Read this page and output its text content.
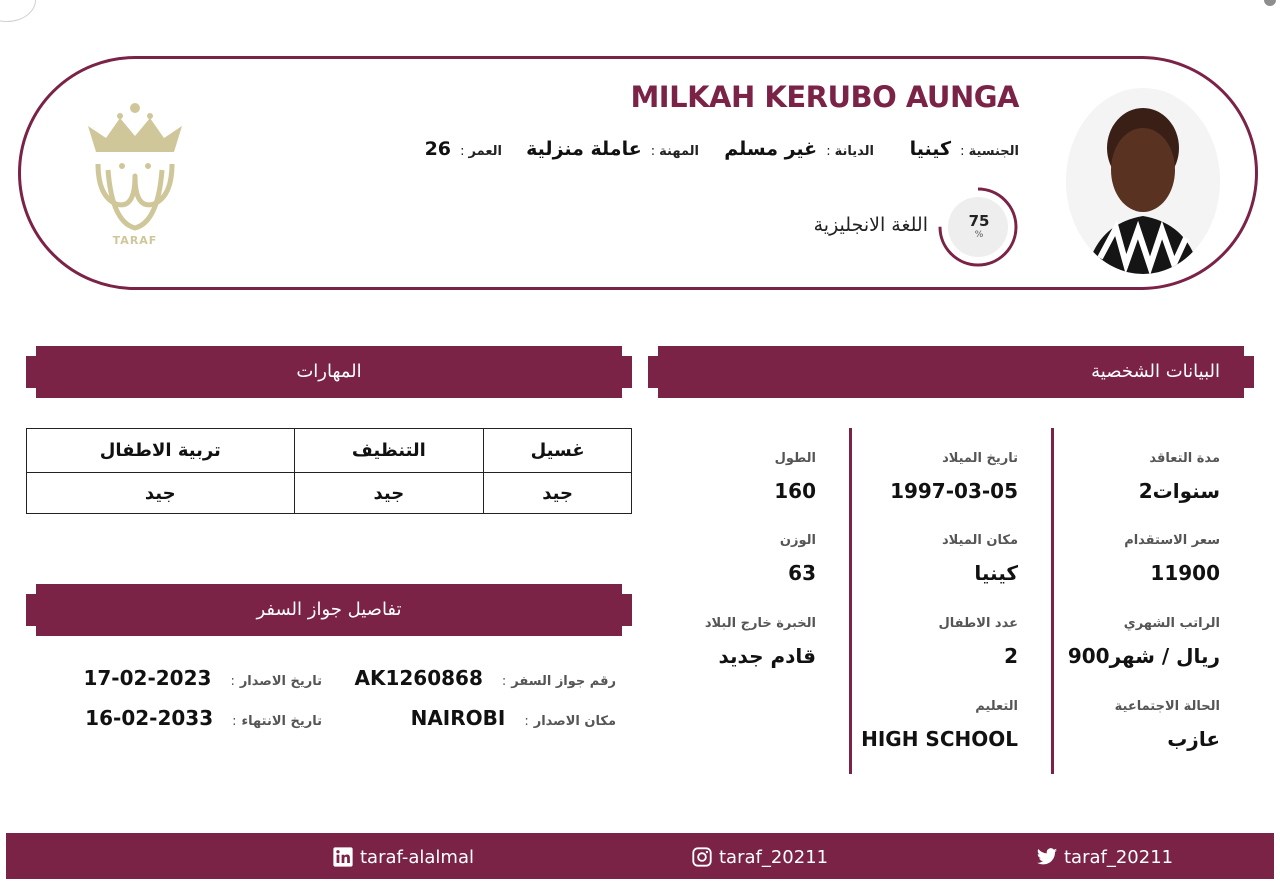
MILKAH KERUBO AUNGA
الجنسية: كينيا
الديانة: غير مسلم
المهنة: عاملة منزلية
العمر: 26
75
%
اللغة الانجليزية
TARAF
البيانات الشخصية
المهارات
تفاصيل جواز السفر
مدة التعاقد
2سنوات
تاريخ الميلاد
1997-03-05
الطول
160
سعر الاستقدام
11900
مكان الميلاد
كينيا
الوزن
63
الراتب الشهري
900ريال / شهر
عدد الاطفال
2
الخبرة خارج البلاد
قادم جديد
الحالة الاجتماعية
عازب
التعليم
HIGH SCHOOL
غسيل	التنظيف	تربية الاطفال
جيد	جيد	جيد
رقم جواز السفر:AK1260868
تاريخ الاصدار:2023-02-17
مكان الاصدار:NAIROBI
تاريخ الانتهاء:2033-02-16
taraf_20211
taraf_20211
taraf-alalmal
